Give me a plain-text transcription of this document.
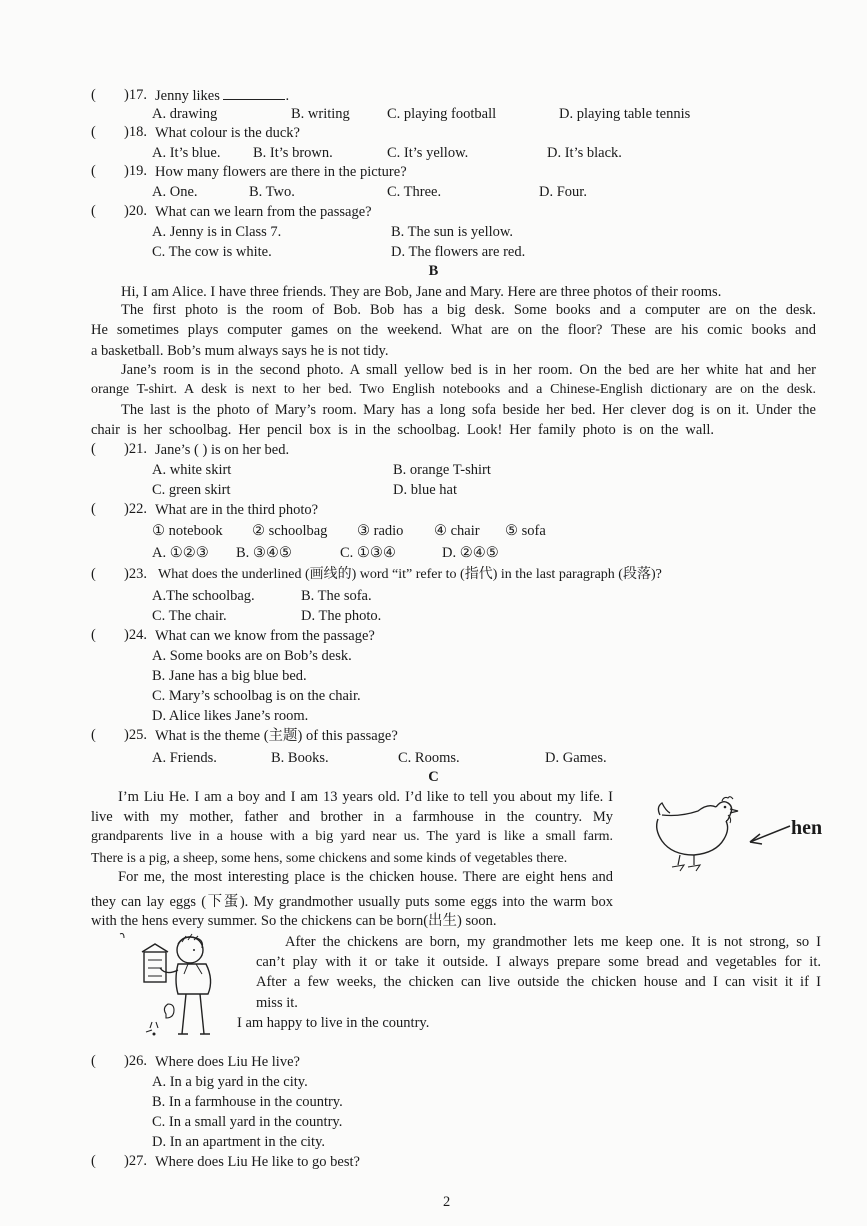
( )17. Jenny likes	.
A. drawing	B. writing	C. playing football	D. playing table tennis
( )18. What colour is the duck?
A. It’s blue. B. It’s brown.	C. It’s yellow.	D. It’s black.
( )19. How many flowers are there in the picture?
A. One.	B. Two.	C. Three.	D. Four.
( )20. What can we learn from the passage?
A. Jenny is in Class 7.	B. The sun is yellow.
C. The cow is white.	D. The flowers are red.
B
Hi, I am Alice. I have three friends. They are Bob, Jane and Mary. Here are three photos of their rooms.
The first photo is the room of Bob. Bob has a big desk. Some books and a computer are on the desk.
He sometimes plays computer games on the weekend. What are on the floor? These are his comic books and
a basketball. Bob’s mum always says he is not tidy.
Jane’s room is in the second photo. A small yellow bed is in her room. On the bed are her white hat and her
orange T-shirt. A desk is next to her bed. Two English notebooks and a Chinese-English dictionary are on the desk.
The last is the photo of Mary’s room. Mary has a long sofa beside her bed. Her clever dog is on it. Under the
chair is her schoolbag. Her pencil box is in the schoolbag. Look! Her family photo is on the wall.
( )21. Jane’s ( ) is on her bed.
A. white skirt	B. orange T-shirt
C. green skirt	D. blue hat
( )22. What are in the third photo?
① notebook ② schoolbag ③ radio ④ chair ⑤ sofa
A. ①②③ B. ③④⑤	C. ①③④	D. ②④⑤
( )23. What does the underlined (画线的) word “it” refer to (指代) in the last paragraph (段落)?
A.The schoolbag.	B. The sofa.
C. The chair.	D. The photo.
( )24. What can we know from the passage?
A. Some books are on Bob’s desk.
B. Jane has a big blue bed.
C. Mary’s schoolbag is on the chair.
D. Alice likes Jane’s room.
( )25. What is the theme (主题) of this passage?
A. Friends.	B. Books.	C. Rooms.	D. Games.
C
I’m Liu He. I am a boy and I am 13 years old. I’d like to tell you about my life. I
live with my mother, father and brother in a farmhouse in the country. My
grandparents live in a house with a big yard near us. The yard is like a small farm.
There is a pig, a sheep, some hens, some chickens and some kinds of vegetables there.
hen
For me, the most interesting place is the chicken house. There are eight hens and
they can lay eggs (下蛋). My grandmother usually puts some eggs into the warm box
with the hens every summer. So the chickens can be born(出生) soon.
After the chickens are born, my grandmother lets me keep one. It is not strong, so I
can’t play with it or take it outside. I always prepare some bread and vegetables for it.
After a few weeks, the chicken can live outside the chicken house and I can visit it if I
miss it.
I am happy to live in the country.
( )26. Where does Liu He live?
A. In a big yard in the city.
B. In a farmhouse in the country.
C. In a small yard in the country.
D. In an apartment in the city.
( )27. Where does Liu He like to go best?
2
